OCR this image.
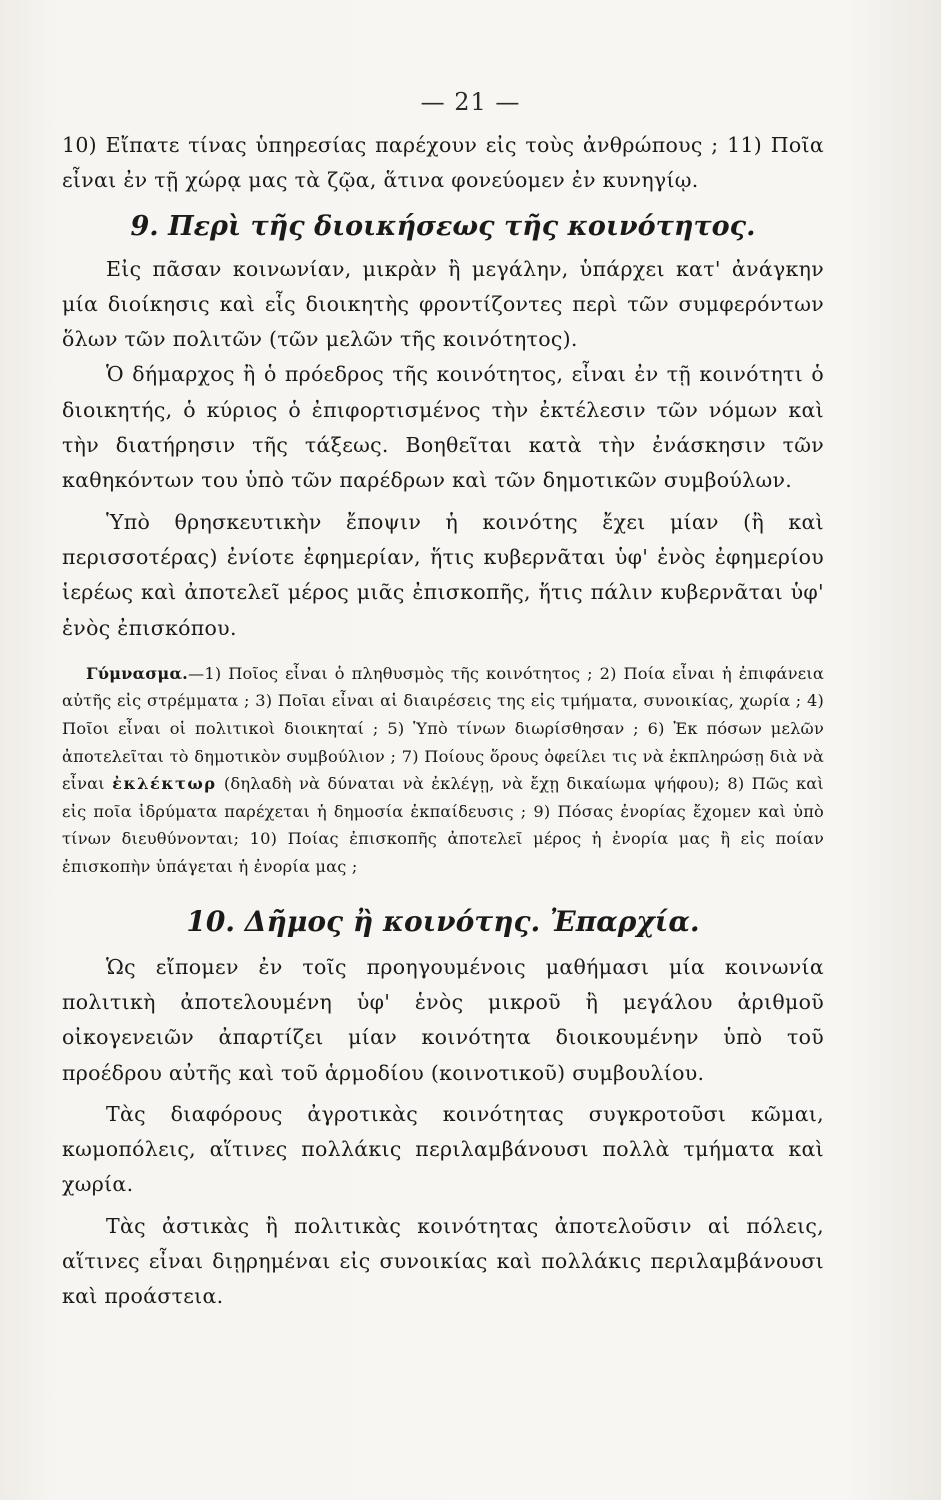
— 21 —

10) Εἴπατε τίνας ὑπηρεσίας παρέχουν εἰς τοὺς ἀνθρώπους ; 11) Ποῖα εἶναι ἐν τῇ χώρᾳ μας τὰ ζῷα, ἅτινα φονεύομεν ἐν κυνηγίῳ.

9. Περὶ τῆς διοικήσεως τῆς κοινότητος.

Εἰς πᾶσαν κοινωνίαν, μικρὰν ἢ μεγάλην, ὑπάρχει κατ' ἀνάγκην μία διοίκησις καὶ εἷς διοικητὴς φροντίζοντες περὶ τῶν συμφερόντων ὅλων τῶν πολιτῶν (τῶν μελῶν τῆς κοινότητος).

Ὁ δήμαρχος ἢ ὁ πρόεδρος τῆς κοινότητος, εἶναι ἐν τῇ κοινότητι ὁ διοικητής, ὁ κύριος ὁ ἐπιφορτισμένος τὴν ἐκτέλεσιν τῶν νόμων καὶ τὴν διατήρησιν τῆς τάξεως. Βοηθεῖται κατὰ τὴν ἐνάσκησιν τῶν καθηκόντων του ὑπὸ τῶν παρέδρων καὶ τῶν δημοτικῶν συμβούλων.

Ὑπὸ θρησκευτικὴν ἔποψιν ἡ κοινότης ἔχει μίαν (ἢ καὶ περισσοτέρας) ἐνίοτε ἐφημερίαν, ἥτις κυβερνᾶται ὑφ' ἑνὸς ἐφημερίου ἱερέως καὶ ἀποτελεῖ μέρος μιᾶς ἐπισκοπῆς, ἥτις πάλιν κυβερνᾶται ὑφ' ἑνὸς ἐπισκόπου.

Γύμνασμα.—1) Ποῖος εἶναι ὁ πληθυσμὸς τῆς κοινότητος ; 2) Ποία εἶναι ἡ ἐπιφάνεια αὐτῆς εἰς στρέμματα ; 3) Ποῖαι εἶναι αἱ διαιρέσεις της εἰς τμήματα, συνοικίας, χωρία ; 4) Ποῖοι εἶναι οἱ πολιτικοὶ διοικηταί ; 5) Ὑπὸ τίνων διωρίσθησαν ; 6) Ἐκ πόσων μελῶν ἀποτελεῖται τὸ δημοτικὸν συμβούλιον ; 7) Ποίους ὅρους ὀφείλει τις νὰ ἐκπληρώσῃ διὰ νὰ εἶναι ἐκλέκτωρ (δηλαδὴ νὰ δύναται νὰ ἐκλέγῃ, νὰ ἔχῃ δικαίωμα ψήφου); 8) Πῶς καὶ εἰς ποῖα ἱδρύματα παρέχεται ἡ δημοσία ἐκπαίδευσις ; 9) Πόσας ἐνορίας ἔχομεν καὶ ὑπὸ τίνων διευθύνονται; 10) Ποίας ἐπισκοπῆς ἀποτελεῖ μέρος ἡ ἐνορία μας ἢ εἰς ποίαν ἐπισκοπὴν ὑπάγεται ἡ ἐνορία μας ;

10. Δῆμος ἢ κοινότης. Ἐπαρχία.

Ὡς εἴπομεν ἐν τοῖς προηγουμένοις μαθήμασι μία κοινωνία πολιτικὴ ἀποτελουμένη ὑφ' ἑνὸς μικροῦ ἢ μεγάλου ἀριθμοῦ οἰκογενειῶν ἀπαρτίζει μίαν κοινότητα διοικουμένην ὑπὸ τοῦ προέδρου αὐτῆς καὶ τοῦ ἁρμοδίου (κοινοτικοῦ) συμβουλίου.

Τὰς διαφόρους ἀγροτικὰς κοινότητας συγκροτοῦσι κῶμαι, κωμοπόλεις, αἵτινες πολλάκις περιλαμβάνουσι πολλὰ τμήματα καὶ χωρία.

Τὰς ἀστικὰς ἢ πολιτικὰς κοινότητας ἀποτελοῦσιν αἱ πόλεις, αἵτινες εἶναι διῃρημέναι εἰς συνοικίας καὶ πολλάκις περιλαμβάνουσι καὶ προάστεια.
